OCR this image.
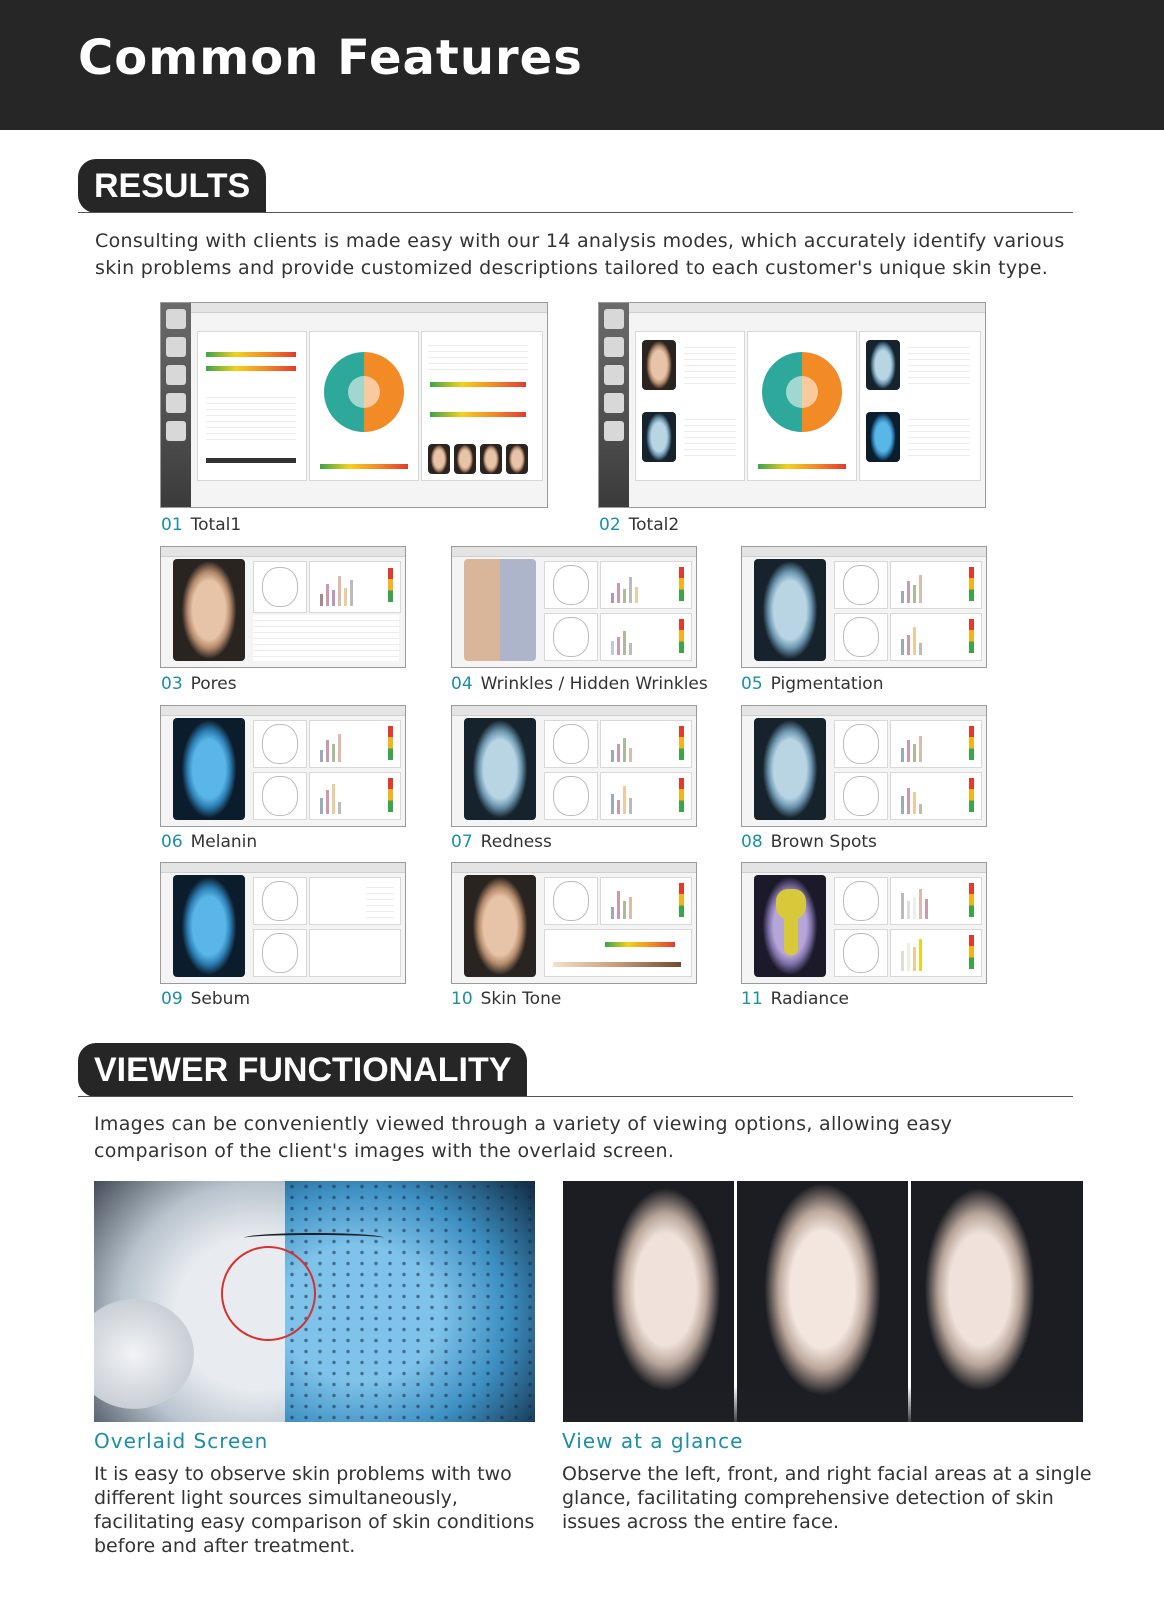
Common Features
RESULTS
Consulting with clients is made easy with our 14 analysis modes, which accurately identify various skin problems and provide customized descriptions tailored to each customer's unique skin type.
01 Total1	02 Total2
03 Pores	04 Wrinkles / Hidden Wrinkles 05 Pigmentation
06 Melanin	07 Redness	08 Brown Spots
09 Sebum	10 Skin Tone	11 Radiance
VIEWER FUNCTIONALITY
Images can be conveniently viewed through a variety of viewing options, allowing easy comparison of the client's images with the overlaid screen.
Overlaid Screen
It is easy to observe skin problems with two different light sources simultaneously, facilitating easy comparison of skin conditions before and after treatment.
View at a glance
Observe the left, front, and right facial areas at a single glance, facilitating comprehensive detection of skin issues across the entire face.
